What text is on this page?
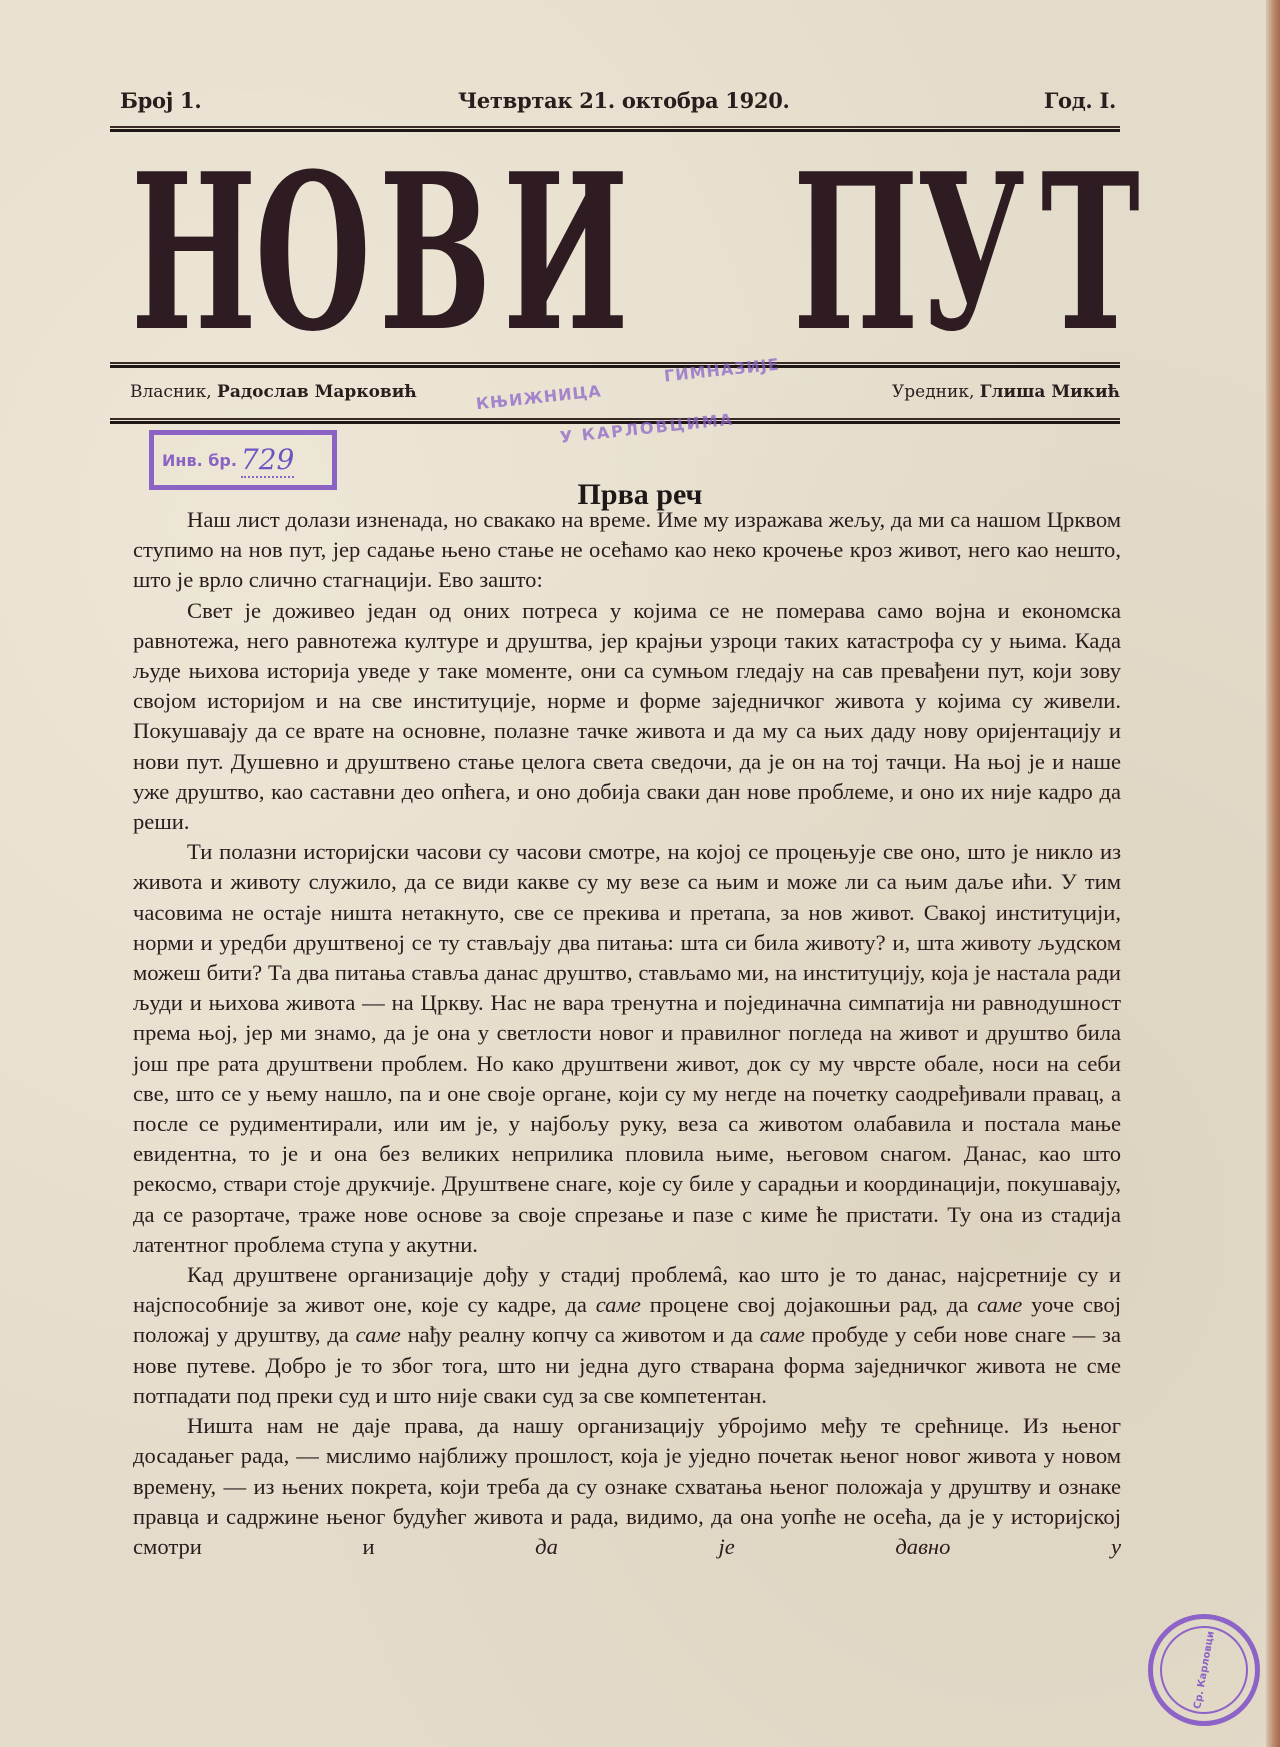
Број 1.	Четвртак 21. октобра 1920.	Год. I.
Н
О В И П
У Т
Власник, Радослав Марковић	Уредник, Глиша Микић
Инв. бр. 729
КЊИЖНИЦА
ГИМНАЗИЈЕ
У КАРЛОВЦИМА
Прва реч

Наш лист долази изненада, но свакако на време. Име му изражава жељу, да ми са нашом Црквом ступимо на нов пут, јер садање њено стање не осећамо као неко крочење кроз живот, него као нешто, што је врло слично стагнацији. Ево зашто:

Свет је доживео један од оних потреса у којима се не померава само војна и економска равнотежа, него равнотежа културе и друштва, јер крајњи узроци таких катастрофа су у њима. Када људе њихова историја уведе у таке моменте, они са сумњом гледају на сав превађени пут, који зову својом историјом и на све институције, норме и форме заједничког живота у којима су живели. Покушавају да се врате на основне, полазне тачке живота и да му са њих даду нову оријентацију и нови пут. Душевно и друштвено стање целога света сведочи, да је он на тој тачци. На њој је и наше уже друштво, као саставни део опћега, и оно добија сваки дан нове проблеме, и оно их није кадро да реши.

Ти полазни историјски часови су часови смотре, на којој се процењује све оно, што је никло из живота и животу служило, да се види какве су му везе са њим и може ли са њим даље ићи. У тим часовима не остаје ништа нетакнуто, све се прекива и претапа, за нов живот. Свакој институцији, норми и уредби друштвеној се ту стављају два питања: шта си била животу? и, шта животу људском можеш бити? Та два питања ставља данас друштво, стављамо ми, на институцију, која је настала ради људи и њихова живота — на Цркву. Нас не вара тренутна и појединачна симпатија ни равнодушност према њој, јер ми знамо, да је она у светлости новог и правилног погледа на живот и друштво била још пре рата друштвени проблем. Но како друштвени живот, док су му чврсте обале, носи на себи све, што се у њему нашло, па и оне своје органе, који су му негде на почетку саодређивали правац, а после се рудиментирали, или им је, у најбољу руку, веза са животом олабавила и постала мање евидентна, то је и она без великих неприлика пловила њиме, његовом снагом. Данас, као што рекосмо, ствари стоје друкчије. Друштвене снаге, које су биле у сарадњи и координацији, покушавају, да се разортаче, траже нове основе за своје спрезање и пазе с киме ће пристати. Ту она из стадија латентног проблема ступа у акутни.

Кад друштвене организације дођу у стадиј проблемâ, као што је то данас, најсретније су и најспособније за живот оне, које су кадре, да саме процене свој дојакошњи рад, да саме уоче свој положај у друштву, да саме нађу реалну копчу са животом и да саме пробуде у себи нове снаге — за нове путеве. Добро је то због тога, што ни једна дуго стварана форма заједничког живота не сме потпадати под преки суд и што није сваки суд за све компетентан.

Ништа нам не даје права, да нашу организацију убројимо међу те срећнице. Из њеног досадањег рада, — мислимо најближу прошлост, која је уједно почетак њеног новог живота у новом времену, — из њених покрета, који треба да су ознаке схватања њеног положаја у друштву и ознаке правца и садржине њеног будућег живота и рада, видимо, да она уопће не осећа, да је у историјској смотри и да је давно у

Ср. Карловци
